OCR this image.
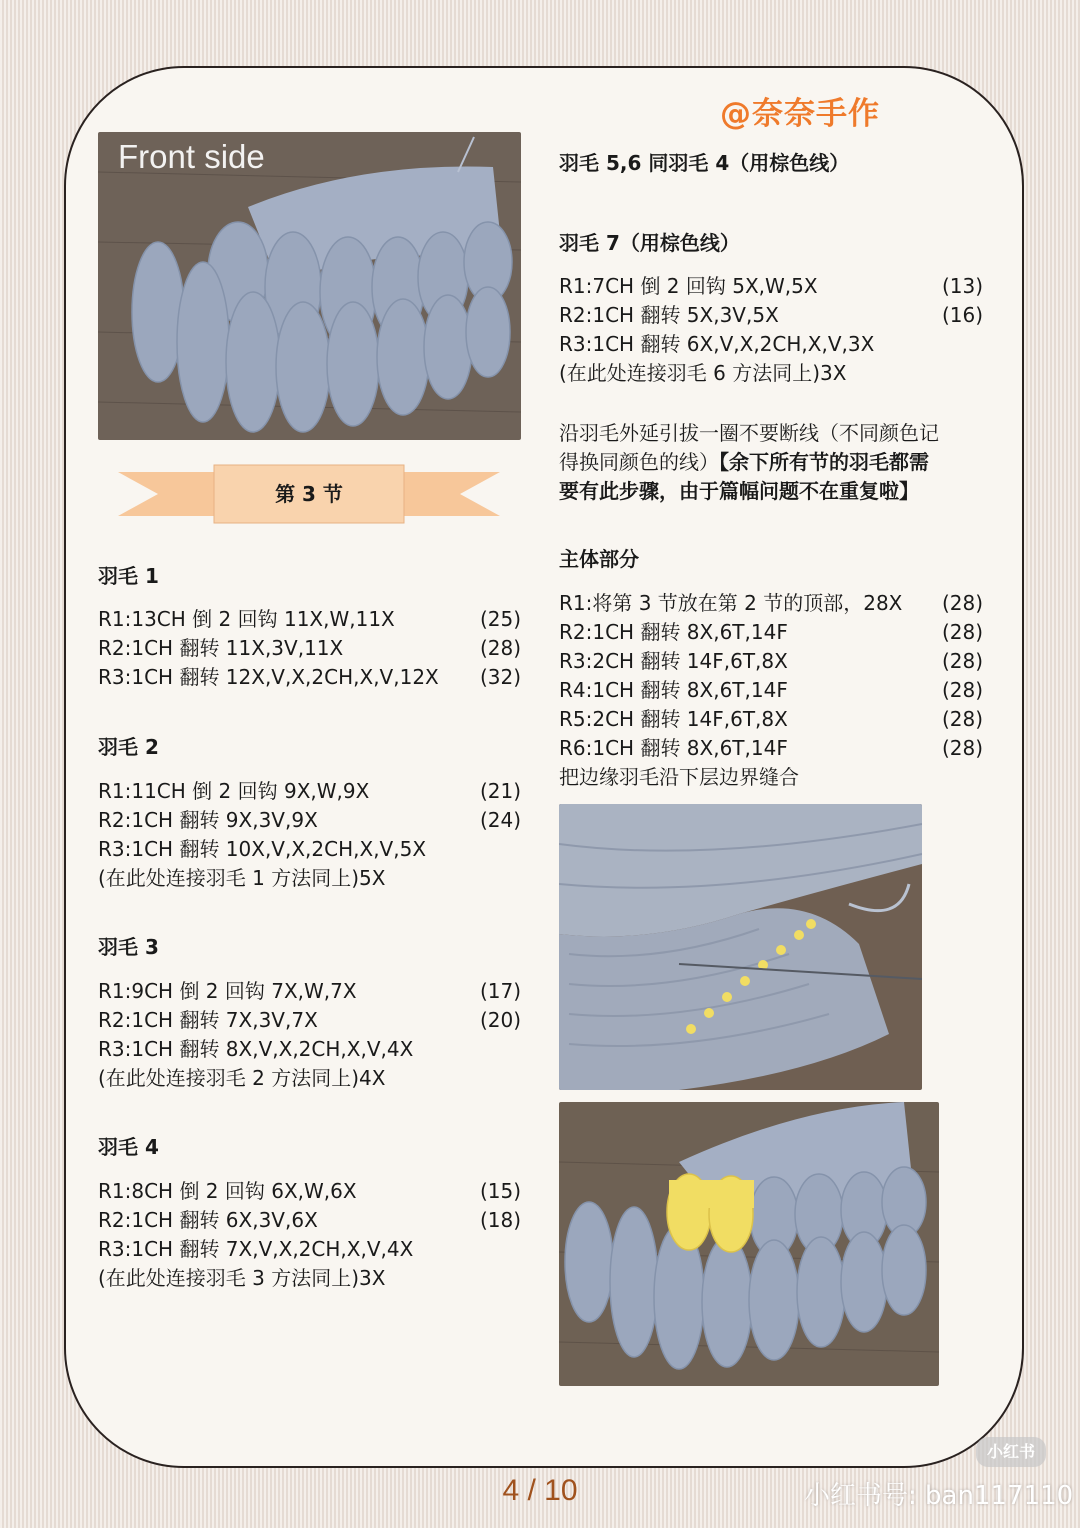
@奈奈手作
Front side
第 3 节
羽毛 1
R1:13CH 倒 2 回钩 11X,W,11X	(25)
R2:1CH 翻转 11X,3V,11X	(28)
R3:1CH 翻转 12X,V,X,2CH,X,V,12X (32)
羽毛 2
R1:11CH 倒 2 回钩 9X,W,9X	(21)
R2:1CH 翻转 9X,3V,9X	(24)
R3:1CH 翻转 10X,V,X,2CH,X,V,5X
(在此处连接羽毛 1 方法同上)5X
羽毛 3
R1:9CH 倒 2 回钩 7X,W,7X	(17)
R2:1CH 翻转 7X,3V,7X	(20)
R3:1CH 翻转 8X,V,X,2CH,X,V,4X
(在此处连接羽毛 2 方法同上)4X
羽毛 4
R1:8CH 倒 2 回钩 6X,W,6X	(15)
R2:1CH 翻转 6X,3V,6X	(18)
R3:1CH 翻转 7X,V,X,2CH,X,V,4X
(在此处连接羽毛 3 方法同上)3X
羽毛 5,6 同羽毛 4（用棕色线）
羽毛 7（用棕色线）
R1:7CH 倒 2 回钩 5X,W,5X	(13)
R2:1CH 翻转 5X,3V,5X	(16)
R3:1CH 翻转 6X,V,X,2CH,X,V,3X
(在此处连接羽毛 6 方法同上)3X
沿羽毛外延引拔一圈不要断线（不同颜色记
得换同颜色的线）【余下所有节的羽毛都需
要有此步骤，由于篇幅问题不在重复啦】
主体部分
R1:将第 3 节放在第 2 节的顶部，28X (28)
R2:1CH 翻转 8X,6T,14F	(28)
R3:2CH 翻转 14F,6T,8X	(28)
R4:1CH 翻转 8X,6T,14F	(28)
R5:2CH 翻转 14F,6T,8X	(28)
R6:1CH 翻转 8X,6T,14F	(28)
把边缘羽毛沿下层边界缝合
4 / 10
小红书
小红书号: ban117110
